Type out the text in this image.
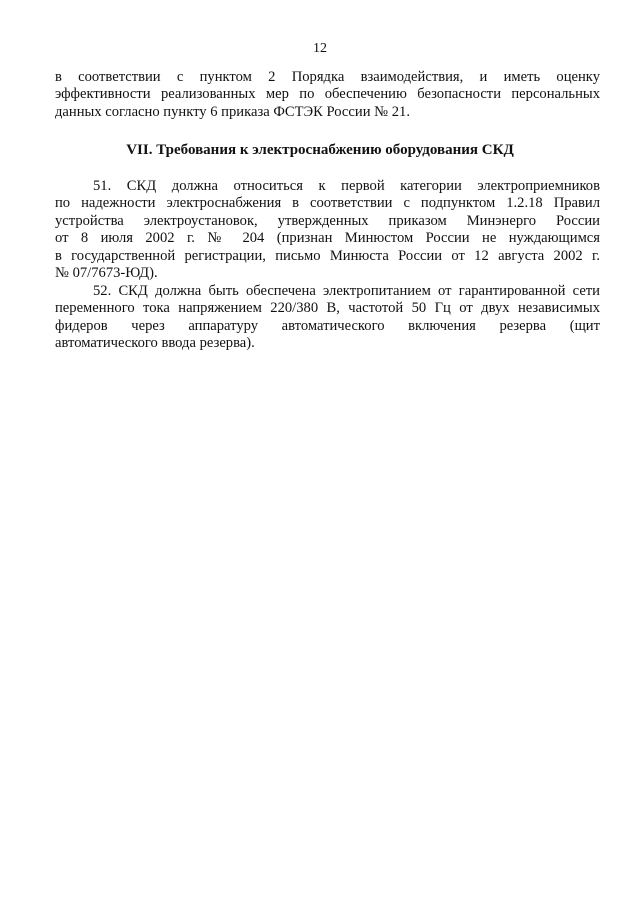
12
в соответствии с пунктом 2 Порядка взаимодействия, и иметь оценку
эффективности реализованных мер по обеспечению безопасности персональных
данных согласно пункту 6 приказа ФСТЭК России № 21.
VII. Требования к электроснабжению оборудования СКД
51. СКД должна относиться к первой категории электроприемников
по надежности электроснабжения в соответствии с подпунктом 1.2.18 Правил
устройства электроустановок, утвержденных приказом Минэнерго России
от 8 июля 2002 г. № 204 (признан Минюстом России не нуждающимся
в государственной регистрации, письмо Минюста России от 12 августа 2002 г.
№ 07/7673-ЮД).
52. СКД должна быть обеспечена электропитанием от гарантированной сети
переменного тока напряжением 220/380 В, частотой 50 Гц от двух независимых
фидеров через аппаратуру автоматического включения резерва (щит
автоматического ввода резерва).
